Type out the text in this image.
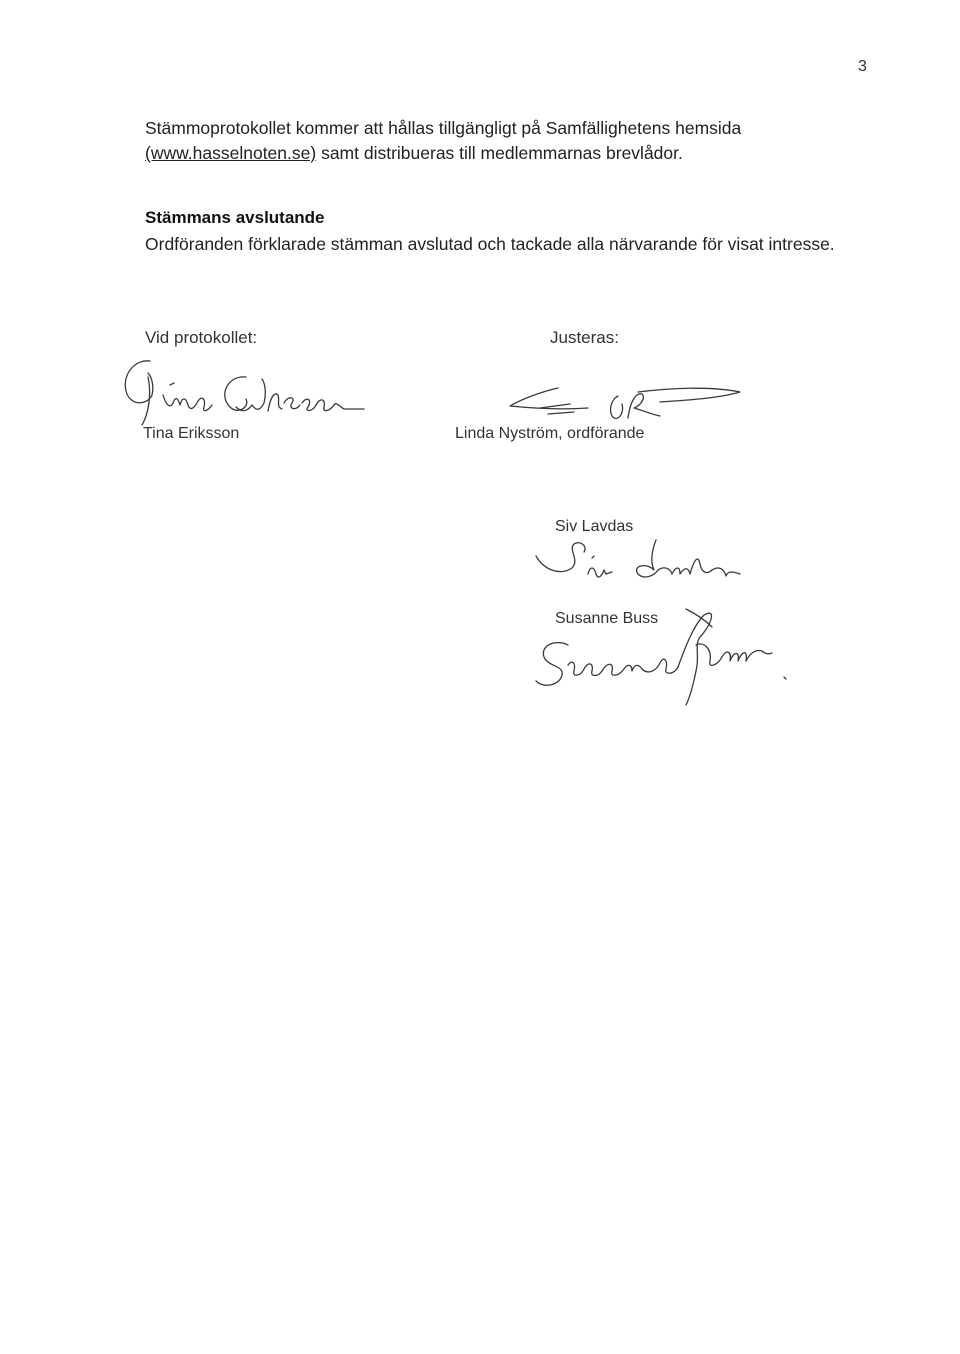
3
Stämmoprotokollet kommer att hållas tillgängligt på Samfällighetens hemsida
(www.hasselnoten.se) samt distribueras till medlemmarnas brevlådor.
Stämmans avslutande
Ordföranden förklarade stämman avslutad och tackade alla närvarande för visat intresse.
Vid protokollet:	Justeras:
Tina Eriksson	Linda Nyström, ordförande
Siv Lavdas
Susanne Buss
